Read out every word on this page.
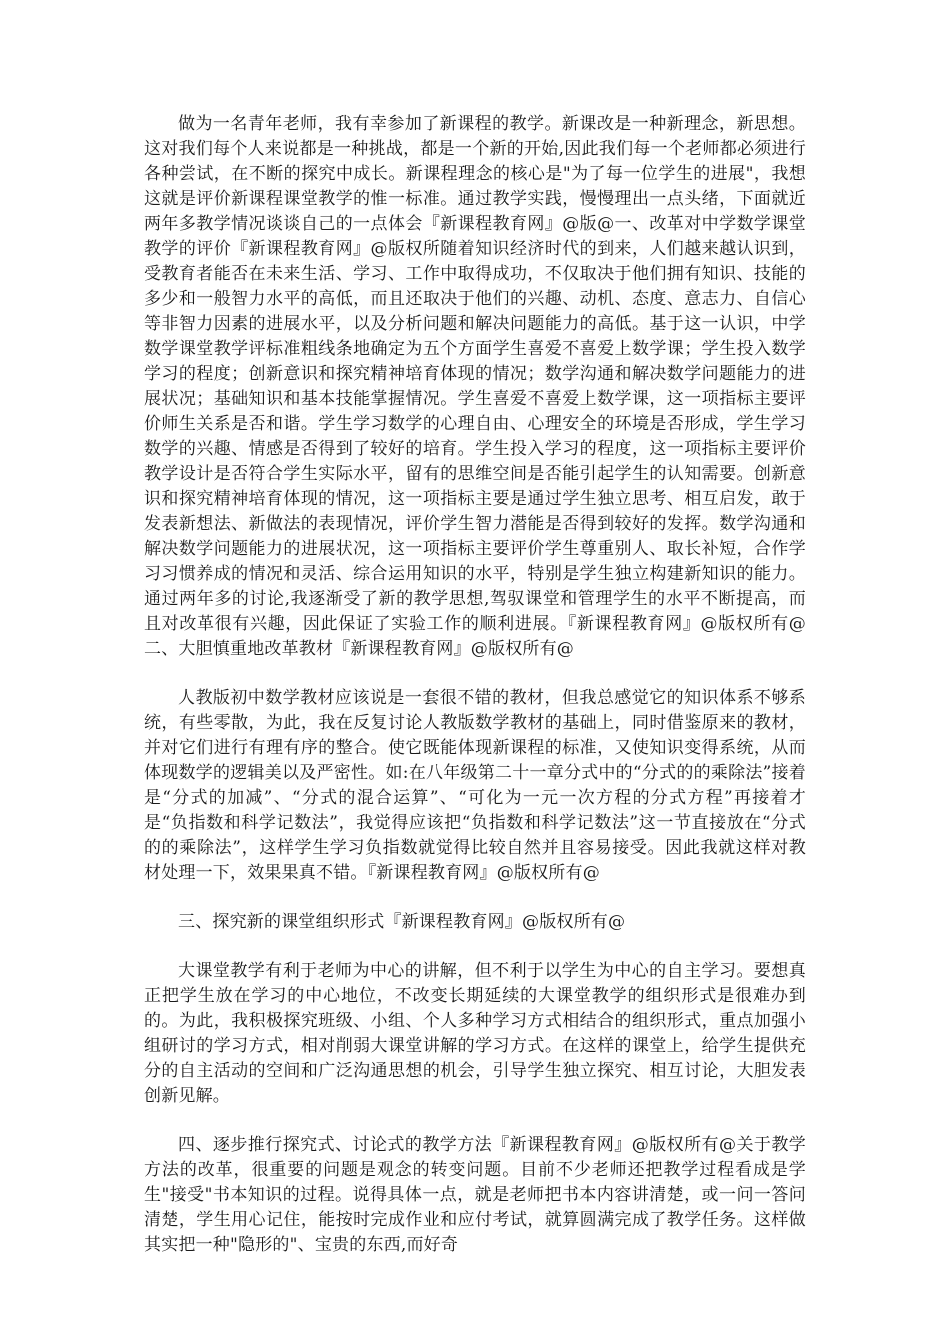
做为一名青年老师，我有幸参加了新课程的教学。新课改是一种新理念，新思想。这对我们每个人来说都是一种挑战，都是一个新的开始,因此我们每一个老师都必须进行各种尝试，在不断的探究中成长。新课程理念的核心是"为了每一位学生的进展"，我想这就是评价新课程课堂教学的惟一标准。通过教学实践，慢慢理出一点头绪，下面就近两年多教学情况谈谈自己的一点体会『新课程教育网』@版@一、改革对中学数学课堂教学的评价『新课程教育网』@版权所随着知识经济时代的到来，人们越来越认识到，受教育者能否在未来生活、学习、工作中取得成功，不仅取决于他们拥有知识、技能的多少和一般智力水平的高低，而且还取决于他们的兴趣、动机、态度、意志力、自信心等非智力因素的进展水平，以及分析问题和解决问题能力的高低。基于这一认识，中学数学课堂教学评标准粗线条地确定为五个方面学生喜爱不喜爱上数学课；学生投入数学学习的程度；创新意识和探究精神培育体现的情况；数学沟通和解决数学问题能力的进展状况；基础知识和基本技能掌握情况。学生喜爱不喜爱上数学课，这一项指标主要评价师生关系是否和谐。学生学习数学的心理自由、心理安全的环境是否形成，学生学习数学的兴趣、情感是否得到了较好的培育。学生投入学习的程度，这一项指标主要评价教学设计是否符合学生实际水平，留有的思维空间是否能引起学生的认知需要。创新意识和探究精神培育体现的情况，这一项指标主要是通过学生独立思考、相互启发，敢于发表新想法、新做法的表现情况，评价学生智力潜能是否得到较好的发挥。数学沟通和解决数学问题能力的进展状况，这一项指标主要评价学生尊重别人、取长补短，合作学习习惯养成的情况和灵活、综合运用知识的水平，特别是学生独立构建新知识的能力。通过两年多的讨论,我逐渐受了新的教学思想,驾驭课堂和管理学生的水平不断提高，而且对改革很有兴趣，因此保证了实验工作的顺利进展。『新课程教育网』@版权所有@二、大胆慎重地改革教材『新课程教育网』@版权所有@

人教版初中数学教材应该说是一套很不错的教材，但我总感觉它的知识体系不够系统，有些零散，为此，我在反复讨论人教版数学教材的基础上，同时借鉴原来的教材，并对它们进行有理有序的整合。使它既能体现新课程的标准，又使知识变得系统，从而体现数学的逻辑美以及严密性。如:在八年级第二十一章分式中的“分式的的乘除法”接着是“分式的加减”、“分式的混合运算”、“可化为一元一次方程的分式方程”再接着才是“负指数和科学记数法”，我觉得应该把“负指数和科学记数法”这一节直接放在“分式的的乘除法”，这样学生学习负指数就觉得比较自然并且容易接受。因此我就这样对教材处理一下，效果果真不错。『新课程教育网』@版权所有@

三、探究新的课堂组织形式『新课程教育网』@版权所有@

大课堂教学有利于老师为中心的讲解，但不利于以学生为中心的自主学习。要想真正把学生放在学习的中心地位，不改变长期延续的大课堂教学的组织形式是很难办到的。为此，我积极探究班级、小组、个人多种学习方式相结合的组织形式，重点加强小组研讨的学习方式，相对削弱大课堂讲解的学习方式。在这样的课堂上，给学生提供充分的自主活动的空间和广泛沟通思想的机会，引导学生独立探究、相互讨论，大胆发表创新见解。

四、逐步推行探究式、讨论式的教学方法『新课程教育网』@版权所有@关于教学方法的改革，很重要的问题是观念的转变问题。目前不少老师还把教学过程看成是学生"接受"书本知识的过程。说得具体一点，就是老师把书本内容讲清楚，或一问一答问清楚，学生用心记住，能按时完成作业和应付考试，就算圆满完成了教学任务。这样做其实把一种"隐形的"、宝贵的东西,而好奇
